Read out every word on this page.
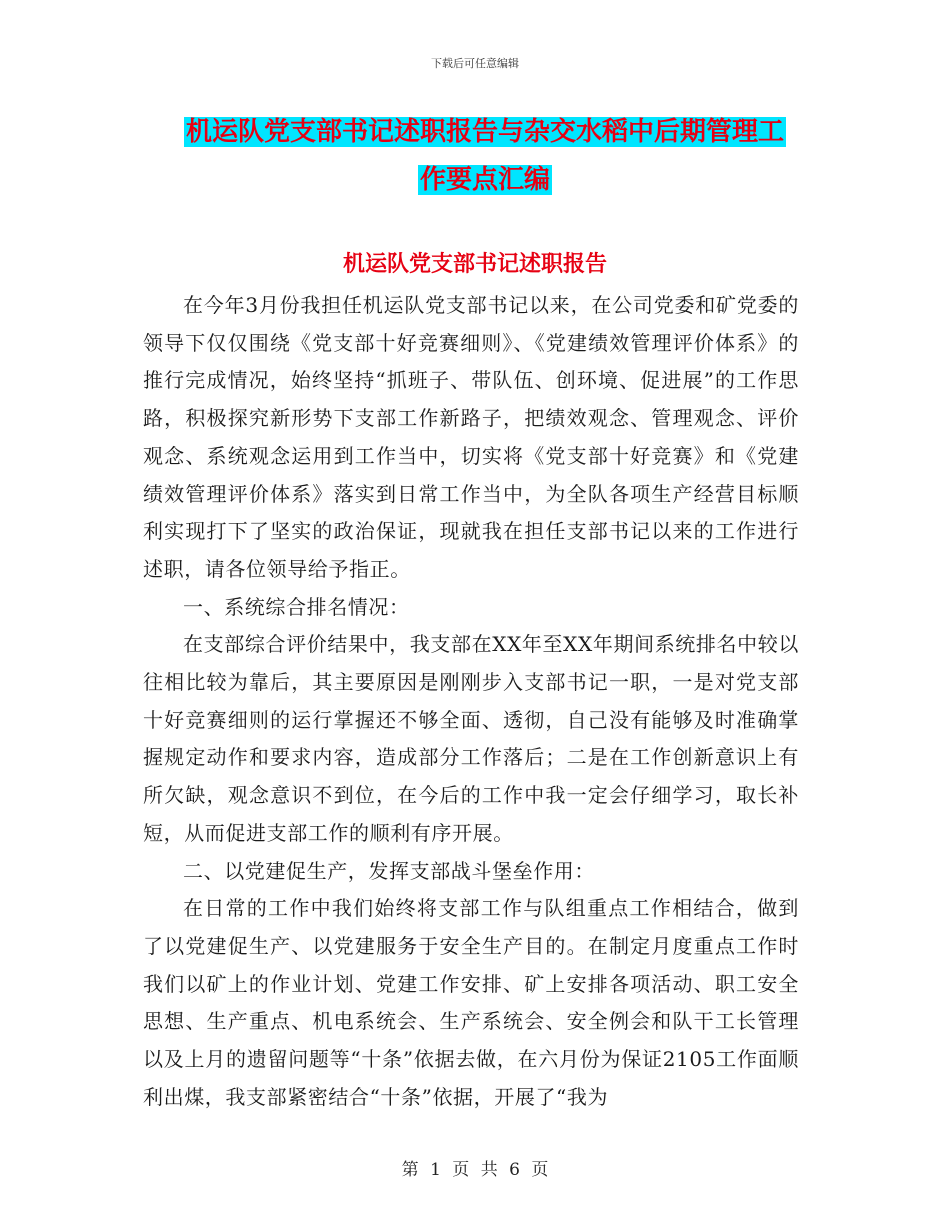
下载后可任意编辑
机运队党支部书记述职报告与杂交水稻中后期管理工
作要点汇编
机运队党支部书记述职报告

在今年3月份我担任机运队党支部书记以来，在公司党委和矿党委的领导下仅仅围绕《党支部十好竞赛细则》、《党建绩效管理评价体系》的推行完成情况，始终坚持“抓班子、带队伍、创环境、促进展”的工作思路，积极探究新形势下支部工作新路子，把绩效观念、管理观念、评价观念、系统观念运用到工作当中，切实将《党支部十好竞赛》和《党建绩效管理评价体系》落实到日常工作当中，为全队各项生产经营目标顺利实现打下了坚实的政治保证，现就我在担任支部书记以来的工作进行述职，请各位领导给予指正。

一、系统综合排名情况：

在支部综合评价结果中，我支部在XX年至XX年期间系统排名中较以往相比较为靠后，其主要原因是刚刚步入支部书记一职，一是对党支部十好竞赛细则的运行掌握还不够全面、透彻，自己没有能够及时准确掌握规定动作和要求内容，造成部分工作落后；二是在工作创新意识上有所欠缺，观念意识不到位，在今后的工作中我一定会仔细学习，取长补短，从而促进支部工作的顺利有序开展。

二、以党建促生产，发挥支部战斗堡垒作用：

在日常的工作中我们始终将支部工作与队组重点工作相结合，做到了以党建促生产、以党建服务于安全生产目的。在制定月度重点工作时我们以矿上的作业计划、党建工作安排、矿上安排各项活动、职工安全思想、生产重点、机电系统会、生产系统会、安全例会和队干工长管理以及上月的遗留问题等“十条”依据去做，在六月份为保证2105工作面顺利出煤，我支部紧密结合“十条”依据，开展了“我为

第 1 页 共 6 页
